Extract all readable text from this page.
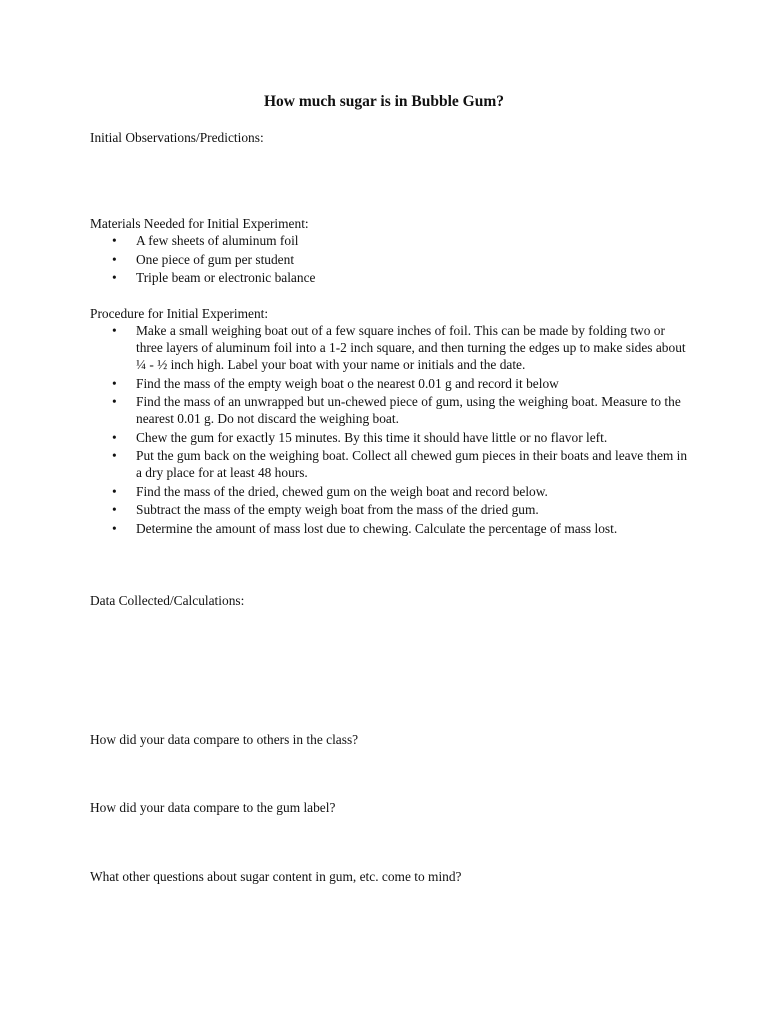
How much sugar is in Bubble Gum?

Initial Observations/Predictions:

Materials Needed for Initial Experiment:

• A few sheets of aluminum foil
• One piece of gum per student
• Triple beam or electronic balance

Procedure for Initial Experiment:

• Make a small weighing boat out of a few square inches of foil. This can be made by folding two or three layers of aluminum foil into a 1-2 inch square, and then turning the edges up to make sides about ¼ - ½ inch high. Label your boat with your name or initials and the date.
• Find the mass of the empty weigh boat o the nearest 0.01 g and record it below
• Find the mass of an unwrapped but un-chewed piece of gum, using the weighing boat. Measure to the nearest 0.01 g. Do not discard the weighing boat.
• Chew the gum for exactly 15 minutes. By this time it should have little or no flavor left.
• Put the gum back on the weighing boat. Collect all chewed gum pieces in their boats and leave them in a dry place for at least 48 hours.
• Find the mass of the dried, chewed gum on the weigh boat and record below.
• Subtract the mass of the empty weigh boat from the mass of the dried gum.
• Determine the amount of mass lost due to chewing. Calculate the percentage of mass lost.

Data Collected/Calculations:

How did your data compare to others in the class?

How did your data compare to the gum label?

What other questions about sugar content in gum, etc. come to mind?
